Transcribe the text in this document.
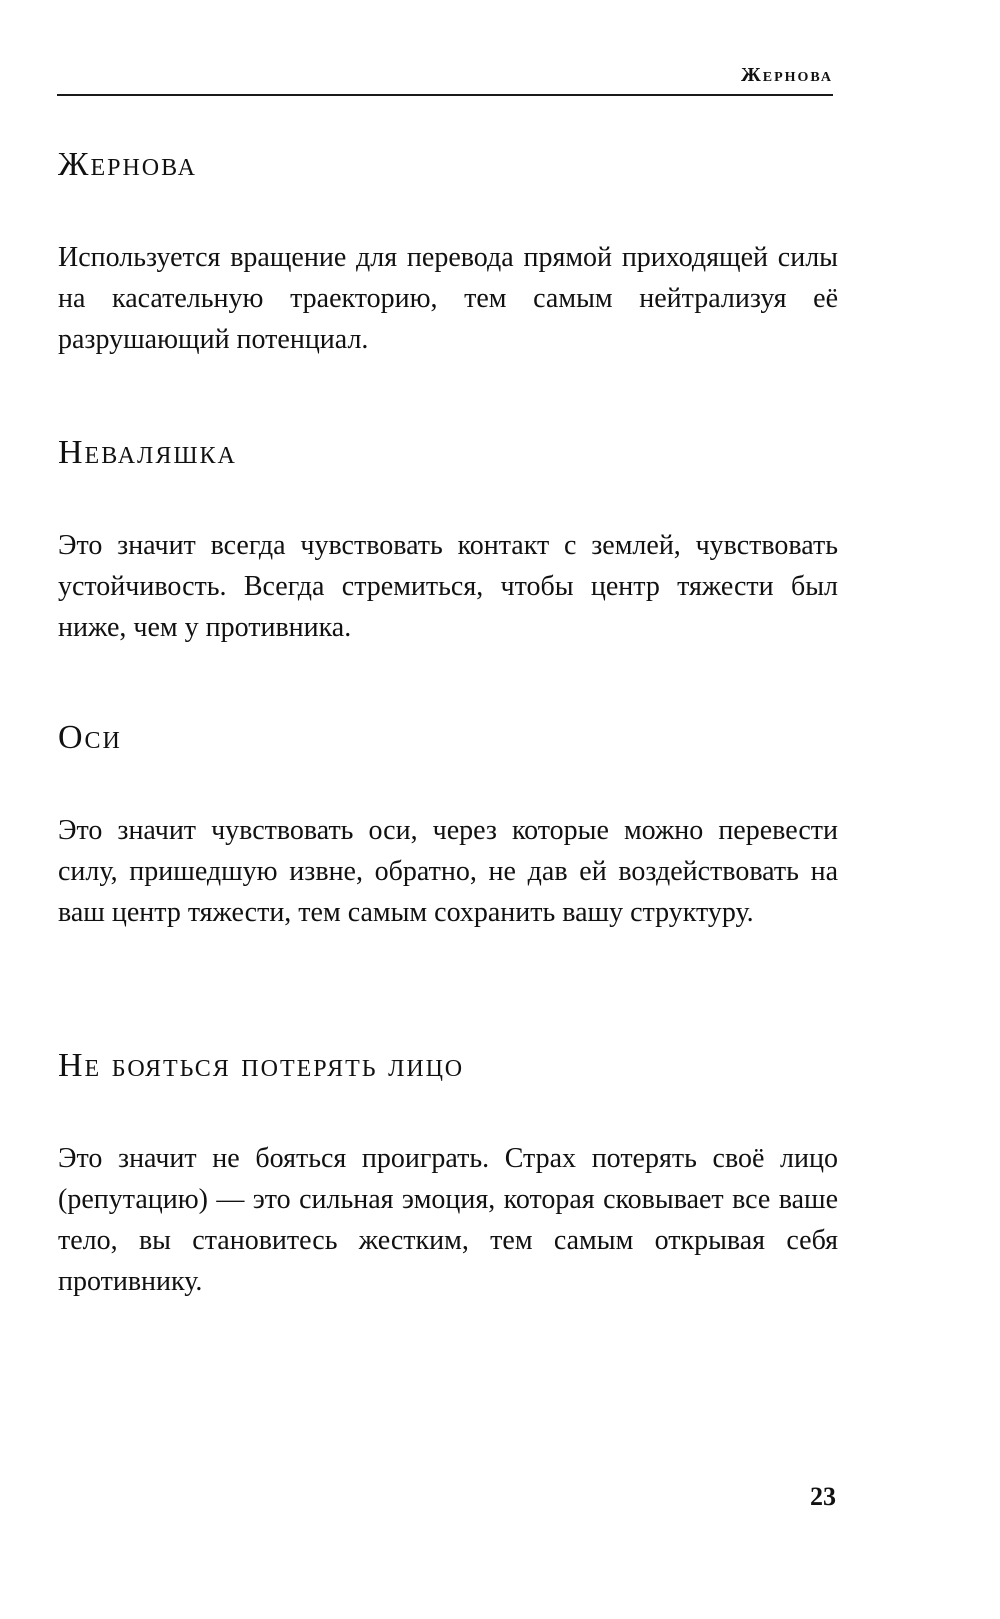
Жернова
Жернова

Используется вращение для перевода прямой приходящей силы на касательную траекторию, тем самым нейтрализуя её разрушающий потенциал.

Неваляшка

Это значит всегда чувствовать контакт с землей, чувствовать устойчивость. Всегда стремиться, чтобы центр тяжести был ниже, чем у противника.

Оси

Это значит чувствовать оси, через которые можно перевести силу, пришедшую извне, обратно, не дав ей воздействовать на ваш центр тяжести, тем самым сохранить вашу структуру.

Не бояться потерять лицо

Это значит не бояться проиграть. Страх потерять своё лицо (репутацию) — это сильная эмоция, которая сковывает все ваше тело, вы становитесь жестким, тем самым открывая себя противнику.

23
